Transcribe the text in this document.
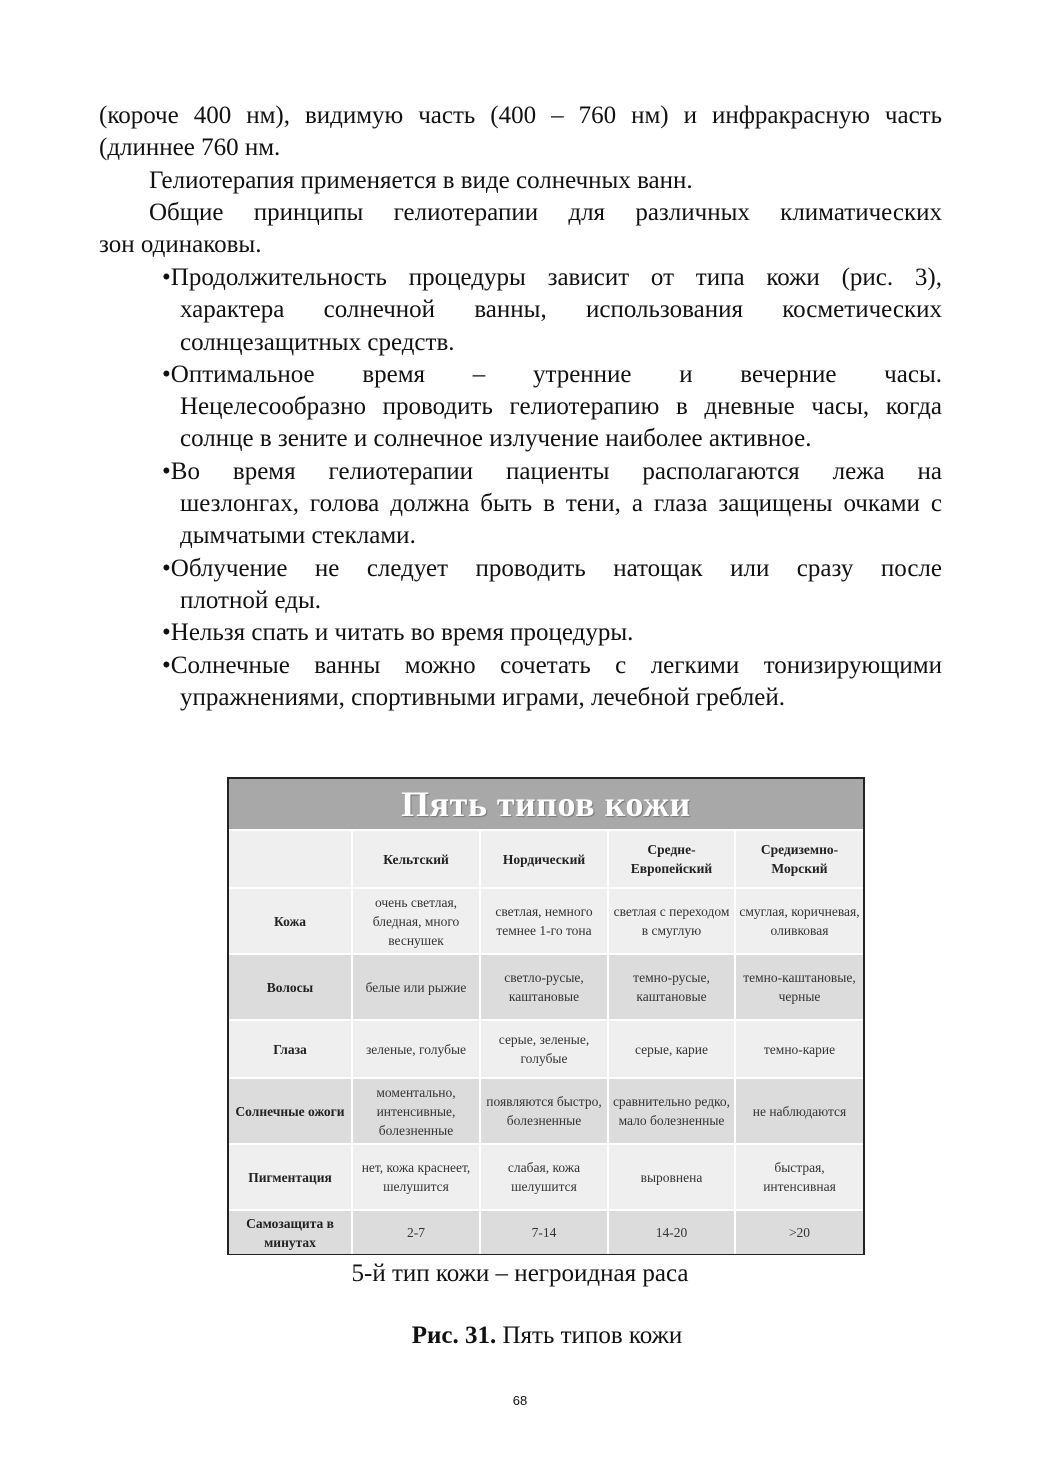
(короче 400 нм), видимую часть (400 – 760 нм) и инфракрасную часть
(длиннее 760 нм.
Гелиотерапия применяется в виде солнечных ванн.
Общие принципы гелиотерапии для различных климатических
зон одинаковы.
•Продолжительность процедуры зависит от типа кожи (рис. 3),
характера солнечной ванны, использования косметических солнцезащитных средств.
•Оптимальное время – утренние и вечерние часы.
Нецелесообразно проводить гелиотерапию в дневные часы, когда солнце в зените и солнечное излучение наиболее активное.
•Во время гелиотерапии пациенты располагаются лежа на
шезлонгах, голова должна быть в тени, а глаза защищены очками с дымчатыми стеклами.
•Облучение не следует проводить натощак или сразу после
плотной еды.
•Нельзя спать и читать во время процедуры.
•Солнечные ванны можно сочетать с легкими тонизирующими
упражнениями, спортивными играми, лечебной греблей.
Пять типов кожи
	Кельтский	Нордический	Средне-Европейский	Средиземно-Морский
Кожа	очень светлая, бледная, много веснушек	светлая, немного темнее 1-го тона	светлая с переходом в смуглую	смуглая, коричневая, оливковая
Волосы	белые или рыжие	светло-русые, каштановые	темно-русые, каштановые	темно-каштановые, черные
Глаза	зеленые, голубые	серые, зеленые, голубые	серые, карие	темно-карие
Солнечные ожоги	моментально, интенсивные, болезненные	появляются быстро, болезненные	сравнительно редко, мало болезненные	не наблюдаются
Пигментация	нет, кожа краснеет, шелушится	слабая, кожа шелушится	выровнена	быстрая, интенсивная
Самозащита в минутах	2-7	7-14	14-20	>20
5-й тип кожи – негроидная раса
Рис. 31. Пять типов кожи
68
